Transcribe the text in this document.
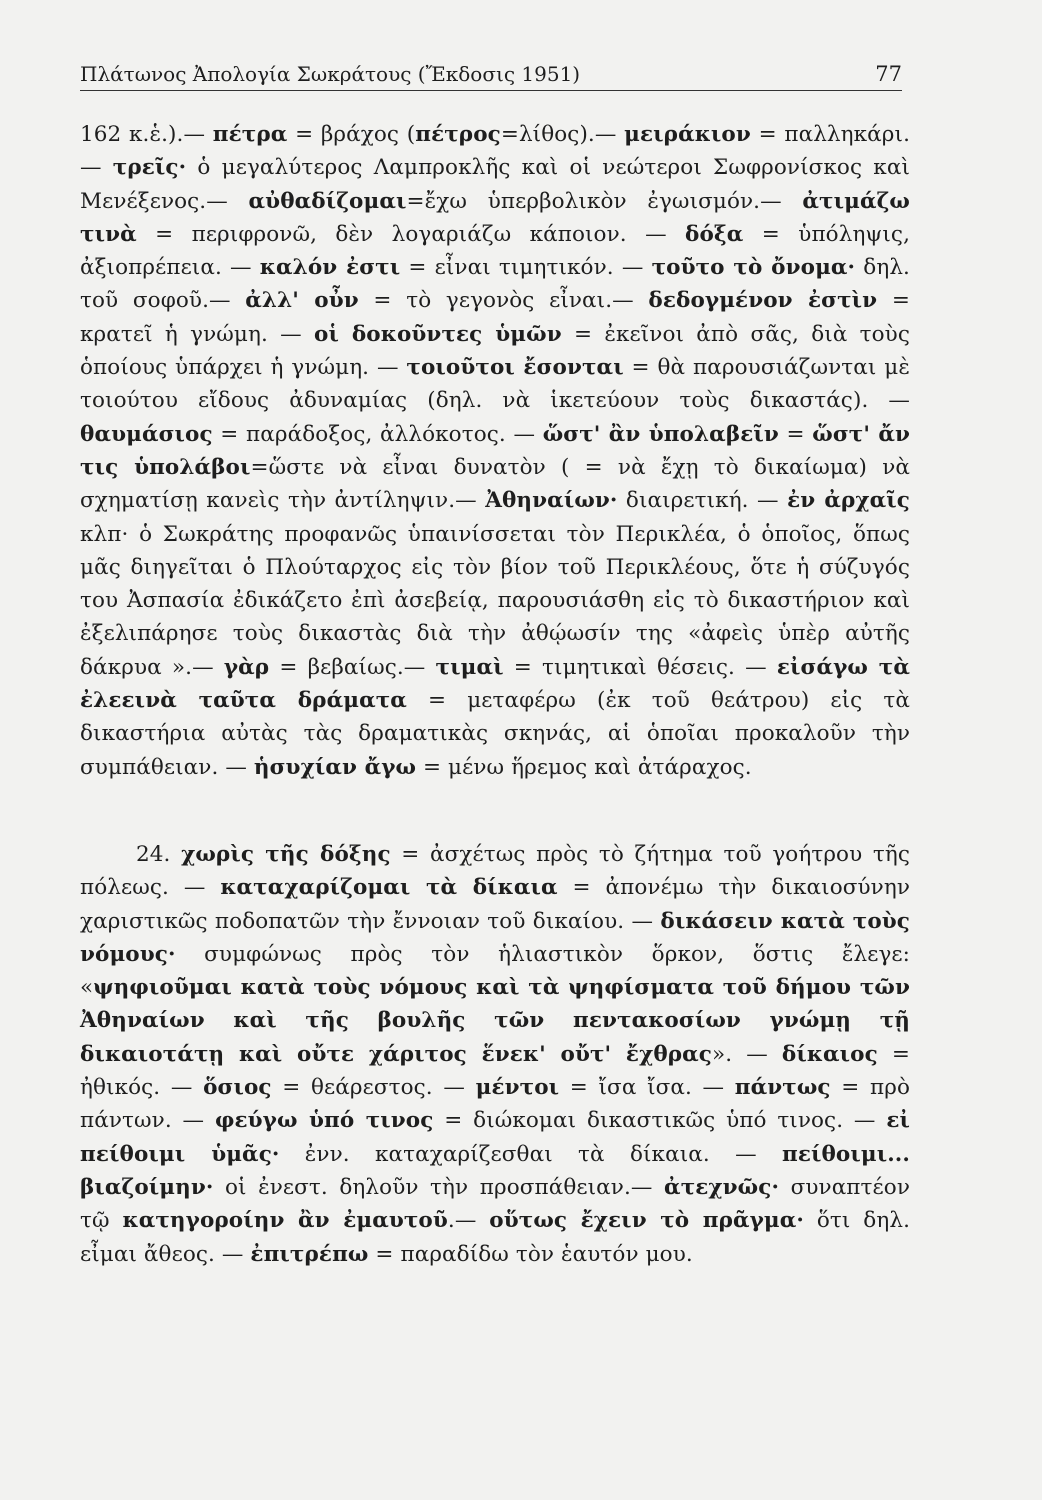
Πλάτωνος Ἀπολογία Σωκράτους (Ἔκδοσις 1951)	77

162 κ.ἑ.).— πέτρα = βράχος (πέτρος=λίθος).— μειράκιον = παλληκάρι. — τρεῖς· ὁ μεγαλύτερος Λαμπροκλῆς καὶ οἱ νεώτεροι Σωφρονίσκος καὶ Μενέξενος.— αὐθαδίζομαι=ἔχω ὑπερβολικὸν ἐγωισμόν.— ἀτιμάζω τινὰ = περιφρονῶ, δὲν λογαριάζω κάποιον. — δόξα = ὑπόληψις, ἀξιοπρέπεια. — καλόν ἐστι = εἶναι τιμητικόν. — τοῦτο τὸ ὄνομα· δηλ. τοῦ σοφοῦ.— ἀλλ' οὖν = τὸ γεγονὸς εἶναι.— δεδογμένον ἐστὶν = κρατεῖ ἡ γνώμη. — οἱ δοκοῦντες ὑμῶν = ἐκεῖνοι ἀπὸ σᾶς, διὰ τοὺς ὁποίους ὑπάρχει ἡ γνώμη. — τοιοῦτοι ἔσονται = θὰ παρουσιάζωνται μὲ τοιούτου εἴδους ἀδυναμίας (δηλ. νὰ ἱκετεύουν τοὺς δικαστάς). — θαυμάσιος = παράδοξος, ἀλλόκοτος. — ὥστ' ἂν ὑπολαβεῖν = ὥστ' ἄν τις ὑπολάβοι=ὥστε νὰ εἶναι δυνατὸν ( = νὰ ἔχῃ τὸ δικαίωμα) νὰ σχηματίσῃ κανεὶς τὴν ἀντίληψιν.— Ἀθηναίων· διαιρετική. — ἐν ἀρχαῖς κλπ· ὁ Σωκράτης προφανῶς ὑπαινίσσεται τὸν Περικλέα, ὁ ὁποῖος, ὅπως μᾶς διηγεῖται ὁ Πλούταρχος εἰς τὸν βίον τοῦ Περικλέους, ὅτε ἡ σύζυγός του Ἀσπασία ἐδικάζετο ἐπὶ ἀσεβείᾳ, παρουσιάσθη εἰς τὸ δικαστήριον καὶ ἐξελιπάρησε τοὺς δικαστὰς διὰ τὴν ἀθῴωσίν της «ἀφεὶς ὑπὲρ αὐτῆς δάκρυα ».— γὰρ = βεβαίως.— τιμαὶ = τιμητικαὶ θέσεις. — εἰσάγω τὰ ἐλεεινὰ ταῦτα δράματα = μεταφέρω (ἐκ τοῦ θεάτρου) εἰς τὰ δικαστήρια αὐτὰς τὰς δραματικὰς σκηνάς, αἱ ὁποῖαι προκαλοῦν τὴν συμπάθειαν. — ἡσυχίαν ἄγω = μένω ἥρεμος καὶ ἀτάραχος.

24. χωρὶς τῆς δόξης = ἀσχέτως πρὸς τὸ ζήτημα τοῦ γοήτρου τῆς πόλεως. — καταχαρίζομαι τὰ δίκαια = ἀπονέμω τὴν δικαιοσύνην χαριστικῶς ποδοπατῶν τὴν ἔννοιαν τοῦ δικαίου. — δικάσειν κατὰ τοὺς νόμους· συμφώνως πρὸς τὸν ἡλιαστικὸν ὅρκον, ὅστις ἔλεγε: «ψηφιοῦμαι κατὰ τοὺς νόμους καὶ τὰ ψηφίσματα τοῦ δήμου τῶν Ἀθηναίων καὶ τῆς βουλῆς τῶν πεντακοσίων γνώμῃ τῇ δικαιοτάτῃ καὶ οὔτε χάριτος ἕνεκ' οὔτ' ἔχθρας». — δίκαιος = ἠθικός. — ὅσιος = θεάρεστος. — μέντοι = ἴσα ἴσα. — πάντως = πρὸ πάντων. — φεύγω ὑπό τινος = διώκομαι δικαστικῶς ὑπό τινος. — εἰ πείθοιμι ὑμᾶς· ἐνν. καταχαρίζεσθαι τὰ δίκαια. — πείθοιμι... βιαζοίμην· οἱ ἐνεστ. δηλοῦν τὴν προσπάθειαν.— ἀτεχνῶς· συναπτέον τῷ κατηγοροίην ἂν ἐμαυτοῦ.— οὕτως ἔχειν τὸ πρᾶγμα· ὅτι δηλ. εἶμαι ἄθεος. — ἐπιτρέπω = παραδίδω τὸν ἑαυτόν μου.
